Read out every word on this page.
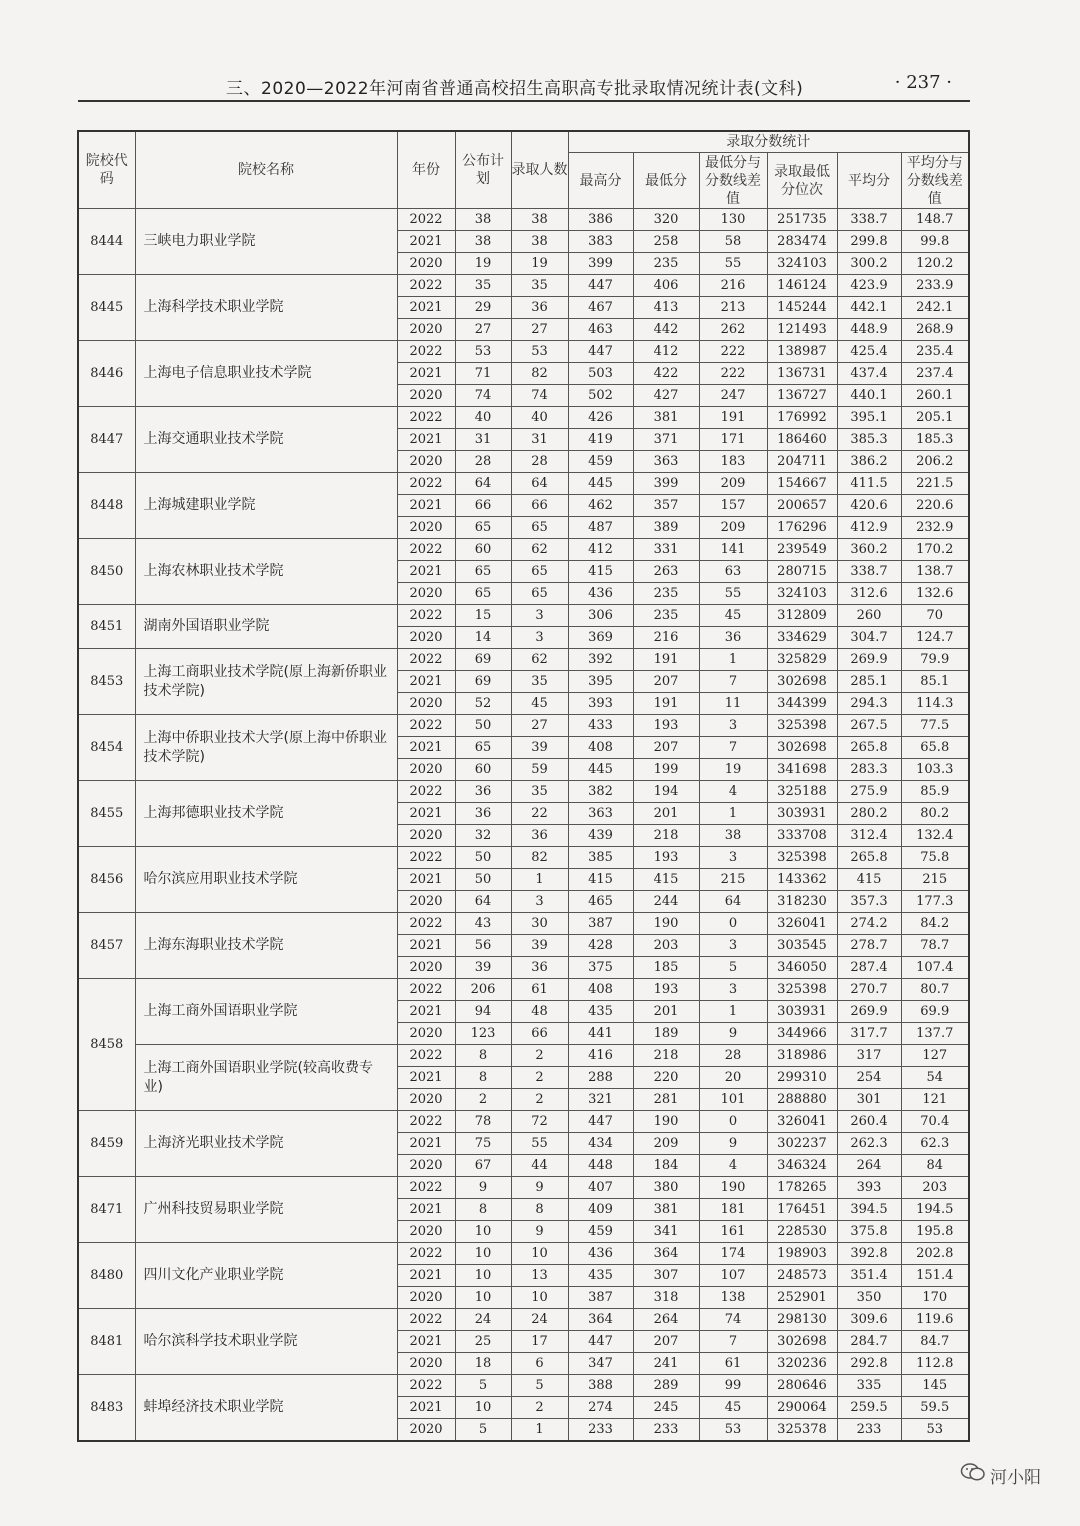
三、2020—2022年河南省普通高校招生高职高专批录取情况统计表(文科)	· 237 ·
院校代码	院校名称	年份	公布计划	录取人数	录取分数统计					
					最高分	最低分	最低分与分数线差值	录取最低分位次	平均分	平均分与分数线差值
8444	三峡电力职业学院	2022	38	38	386	320	130	251735	338.7	148.7
		2021	38	38	383	258	58	283474	299.8	99.8
		2020	19	19	399	235	55	324103	300.2	120.2
8445	上海科学技术职业学院	2022	35	35	447	406	216	146124	423.9	233.9
		2021	29	36	467	413	213	145244	442.1	242.1
		2020	27	27	463	442	262	121493	448.9	268.9
8446	上海电子信息职业技术学院	2022	53	53	447	412	222	138987	425.4	235.4
		2021	71	82	503	422	222	136731	437.4	237.4
		2020	74	74	502	427	247	136727	440.1	260.1
8447	上海交通职业技术学院	2022	40	40	426	381	191	176992	395.1	205.1
		2021	31	31	419	371	171	186460	385.3	185.3
		2020	28	28	459	363	183	204711	386.2	206.2
8448	上海城建职业学院	2022	64	64	445	399	209	154667	411.5	221.5
		2021	66	66	462	357	157	200657	420.6	220.6
		2020	65	65	487	389	209	176296	412.9	232.9
8450	上海农林职业技术学院	2022	60	62	412	331	141	239549	360.2	170.2
		2021	65	65	415	263	63	280715	338.7	138.7
		2020	65	65	436	235	55	324103	312.6	132.6
8451	湖南外国语职业学院	2022	15	3	306	235	45	312809	260	70
		2020	14	3	369	216	36	334629	304.7	124.7
8453	上海工商职业技术学院(原上海新侨职业技术学院)	2022	69	62	392	191	1	325829	269.9	79.9
		2021	69	35	395	207	7	302698	285.1	85.1
		2020	52	45	393	191	11	344399	294.3	114.3
8454	上海中侨职业技术大学(原上海中侨职业技术学院)	2022	50	27	433	193	3	325398	267.5	77.5
		2021	65	39	408	207	7	302698	265.8	65.8
		2020	60	59	445	199	19	341698	283.3	103.3
8455	上海邦德职业技术学院	2022	36	35	382	194	4	325188	275.9	85.9
		2021	36	22	363	201	1	303931	280.2	80.2
		2020	32	36	439	218	38	333708	312.4	132.4
8456	哈尔滨应用职业技术学院	2022	50	82	385	193	3	325398	265.8	75.8
		2021	50	1	415	415	215	143362	415	215
		2020	64	3	465	244	64	318230	357.3	177.3
8457	上海东海职业技术学院	2022	43	30	387	190	0	326041	274.2	84.2
		2021	56	39	428	203	3	303545	278.7	78.7
		2020	39	36	375	185	5	346050	287.4	107.4
8458	上海工商外国语职业学院	2022	206	61	408	193	3	325398	270.7	80.7
		2021	94	48	435	201	1	303931	269.9	69.9
		2020	123	66	441	189	9	344966	317.7	137.7
	上海工商外国语职业学院(较高收费专业)	2022	8	2	416	218	28	318986	317	127
		2021	8	2	288	220	20	299310	254	54
		2020	2	2	321	281	101	288880	301	121
8459	上海济光职业技术学院	2022	78	72	447	190	0	326041	260.4	70.4
		2021	75	55	434	209	9	302237	262.3	62.3
		2020	67	44	448	184	4	346324	264	84
8471	广州科技贸易职业学院	2022	9	9	407	380	190	178265	393	203
		2021	8	8	409	381	181	176451	394.5	194.5
		2020	10	9	459	341	161	228530	375.8	195.8
8480	四川文化产业职业学院	2022	10	10	436	364	174	198903	392.8	202.8
		2021	10	13	435	307	107	248573	351.4	151.4
		2020	10	10	387	318	138	252901	350	170
8481	哈尔滨科学技术职业学院	2022	24	24	364	264	74	298130	309.6	119.6
		2021	25	17	447	207	7	302698	284.7	84.7
		2020	18	6	347	241	61	320236	292.8	112.8
8483	蚌埠经济技术职业学院	2022	5	5	388	289	99	280646	335	145
		2021	10	2	274	245	45	290064	259.5	59.5
		2020	5	1	233	233	53	325378	233	53
河小阳
